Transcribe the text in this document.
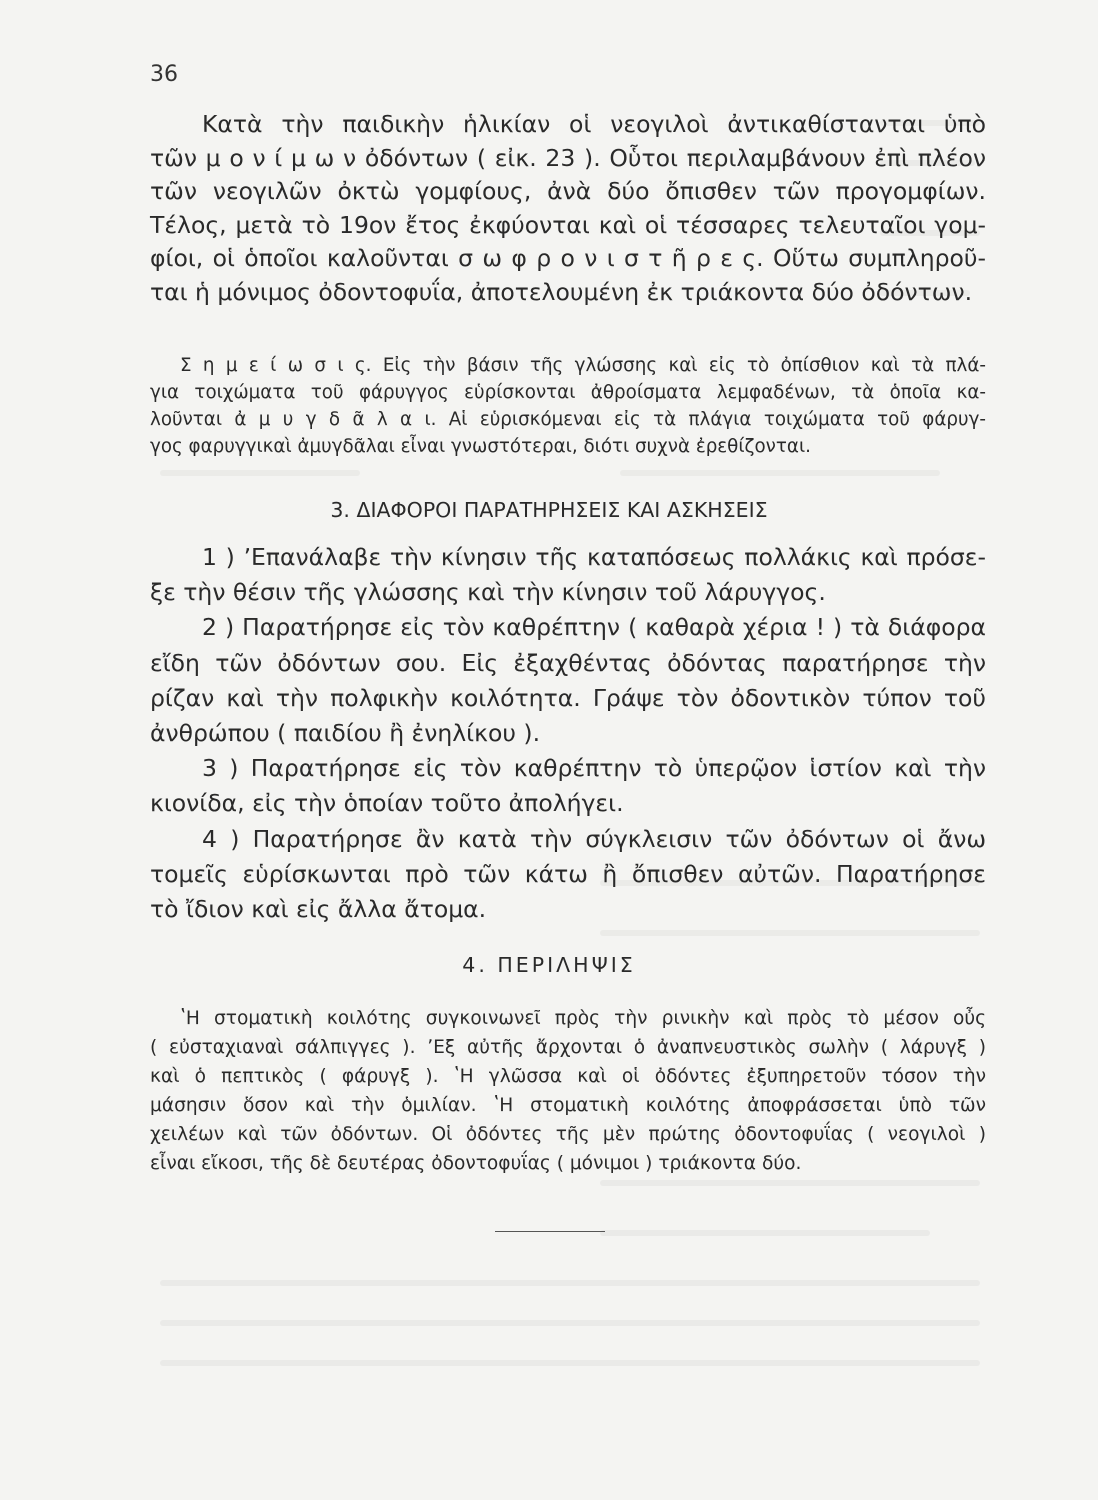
36
Κατὰ τὴν παιδικὴν ἡλικίαν οἱ νεογιλοὶ ἀντικαθίστανται ὑπὸ
τῶν μ ο ν ί μ ω ν ὀδόντων ( εἰκ. 23 ). Οὗτοι περιλαμβάνουν ἐπὶ πλέον
τῶν νεογιλῶν ὀκτὼ γομφίους, ἀνὰ δύο ὄπισθεν τῶν προγομφίων.
Τέλος, μετὰ τὸ 19ον ἔτος ἐκφύονται καὶ οἱ τέσσαρες τελευταῖοι γομ-
φίοι, οἱ ὁποῖοι καλοῦνται σ ω φ ρ ο ν ι σ τ ῆ ρ ε ς. Οὕτω συμπληροῦ-
ται ἡ μόνιμος ὀδοντοφυΐα, ἀποτελουμένη ἐκ τριάκοντα δύο ὀδόντων.
Σ η μ ε ί ω σ ι ς. Εἰς τὴν βάσιν τῆς γλώσσης καὶ εἰς τὸ ὀπίσθιον καὶ τὰ πλά-
για τοιχώματα τοῦ φάρυγγος εὑρίσκονται ἀθροίσματα λεμφαδένων, τὰ ὁποῖα κα-
λοῦνται ἀ μ υ γ δ ᾶ λ α ι. Αἱ εὑρισκόμεναι εἰς τὰ πλάγια τοιχώματα τοῦ φάρυγ-
γος φαρυγγικαὶ ἀμυγδᾶλαι εἶναι γνωστότεραι, διότι συχνὰ ἐρεθίζονται.
3. ΔΙΑΦΟΡΟΙ ΠΑΡΑΤΗΡΗΣΕΙΣ ΚΑΙ ΑΣΚΗΣΕΙΣ
1 ) ʼΕπανάλαβε τὴν κίνησιν τῆς καταπόσεως πολλάκις καὶ πρόσε-
ξε τὴν θέσιν τῆς γλώσσης καὶ τὴν κίνησιν τοῦ λάρυγγος.
2 ) Παρατήρησε εἰς τὸν καθρέπτην ( καθαρὰ χέρια ! ) τὰ διάφορα
εἴδη τῶν ὀδόντων σου. Εἰς ἐξαχθέντας ὀδόντας παρατήρησε τὴν
ρίζαν καὶ τὴν πολφικὴν κοιλότητα. Γράψε τὸν ὀδοντικὸν τύπον τοῦ
ἀνθρώπου ( παιδίου ἢ ἐνηλίκου ).
3 ) Παρατήρησε εἰς τὸν καθρέπτην τὸ ὑπερῷον ἱστίον καὶ τὴν
κιονίδα, εἰς τὴν ὁποίαν τοῦτο ἀπολήγει.
4 ) Παρατήρησε ἂν κατὰ τὴν σύγκλεισιν τῶν ὀδόντων οἱ ἄνω
τομεῖς εὑρίσκωνται πρὸ τῶν κάτω ἢ ὄπισθεν αὐτῶν. Παρατήρησε
τὸ ἴδιον καὶ εἰς ἄλλα ἄτομα.
4. ΠΕΡΙΛΗΨΙΣ
ʽΗ στοματικὴ κοιλότης συγκοινωνεῖ πρὸς τὴν ρινικὴν καὶ πρὸς τὸ μέσον οὖς
( εὐσταχιαναὶ σάλπιγγες ). ʼΕξ αὐτῆς ἄρχονται ὁ ἀναπνευστικὸς σωλὴν ( λάρυγξ )
καὶ ὁ πεπτικὸς ( φάρυγξ ). ʽΗ γλῶσσα καὶ οἱ ὀδόντες ἐξυπηρετοῦν τόσον τὴν
μάσησιν ὅσον καὶ τὴν ὁμιλίαν. ʽΗ στοματικὴ κοιλότης ἀποφράσσεται ὑπὸ τῶν
χειλέων καὶ τῶν ὀδόντων. Οἱ ὀδόντες τῆς μὲν πρώτης ὀδοντοφυΐας ( νεογιλοὶ )
εἶναι εἴκοσι, τῆς δὲ δευτέρας ὀδοντοφυΐας ( μόνιμοι ) τριάκοντα δύο.
